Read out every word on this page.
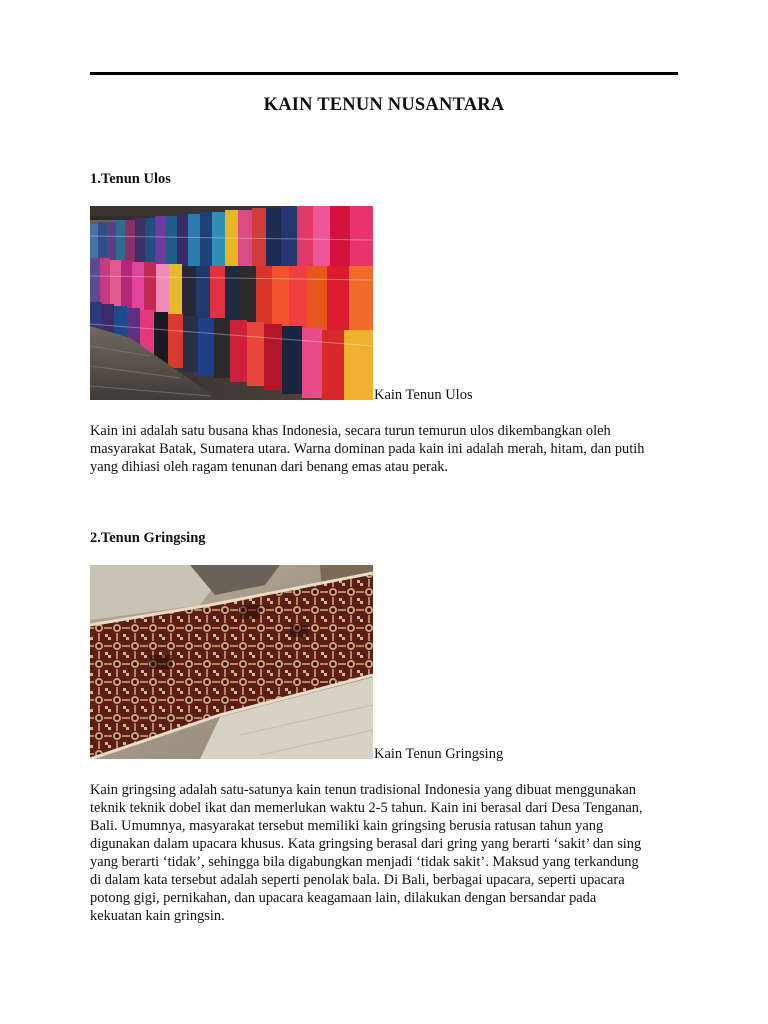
KAIN TENUN NUSANTARA
1.Tenun Ulos
Kain Tenun Ulos
Kain ini adalah satu busana khas Indonesia, secara turun temurun ulos dikembangkan oleh
masyarakat Batak, Sumatera utara. Warna dominan pada kain ini adalah merah, hitam, dan putih
yang dihiasi oleh ragam tenunan dari benang emas atau perak.
2.Tenun Gringsing
Kain Tenun Gringsing
Kain gringsing adalah satu-satunya kain tenun tradisional Indonesia yang dibuat menggunakan
teknik teknik dobel ikat dan memerlukan waktu 2-5 tahun. Kain ini berasal dari Desa Tenganan,
Bali. Umumnya, masyarakat tersebut memiliki kain gringsing berusia ratusan tahun yang
digunakan dalam upacara khusus. Kata gringsing berasal dari gring yang berarti ‘sakit’ dan sing
yang berarti ‘tidak’, sehingga bila digabungkan menjadi ‘tidak sakit’. Maksud yang terkandung
di dalam kata tersebut adalah seperti penolak bala. Di Bali, berbagai upacara, seperti upacara
potong gigi, pernikahan, dan upacara keagamaan lain, dilakukan dengan bersandar pada
kekuatan kain gringsin.
